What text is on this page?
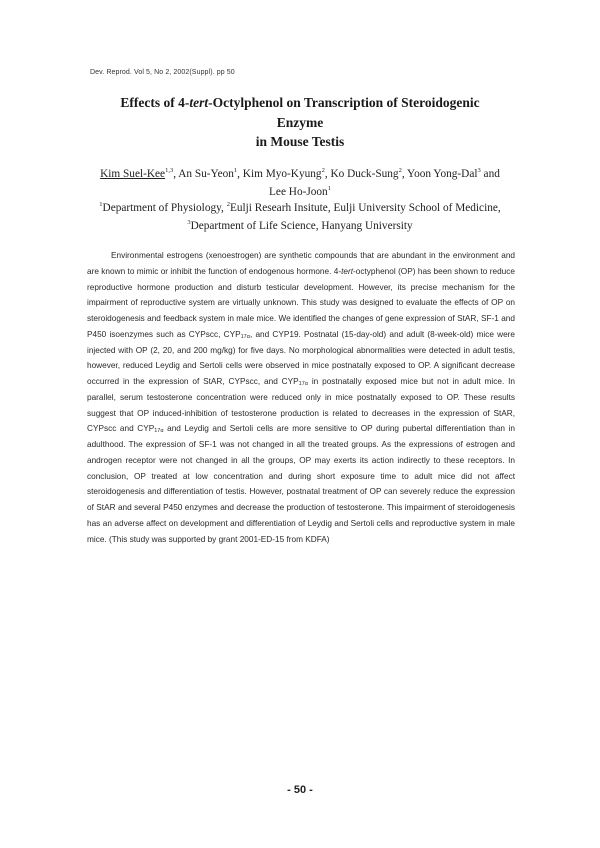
Dev. Reprod. Vol 5, No 2, 2002(Suppl). pp 50
Effects of 4-tert-Octylphenol on Transcription of Steroidogenic
Enzyme
in Mouse Testis
Kim Suel-Kee$^{1,3}$, An Su-Yeon$^1$, Kim Myo-Kyung$^2$, Ko Duck-Sung$^2$, Yoon Yong-Dal$^3$ and
Lee Ho-Joon$^1$
$^1$Department of Physiology, $^2$Eulji Researh Insitute, Eulji University School of Medicine,
$^3$Department of Life Science, Hanyang University

Environmental estrogens (xenoestrogen) are synthetic compounds that are abundant in the environment and are known to mimic or inhibit the function of endogenous hormone. 4-tert-octyphenol (OP) has been shown to reduce reproductive hormone production and disturb testicular development. However, its precise mechanism for the impairment of reproductive system are virtually unknown. This study was designed to evaluate the effects of OP on steroidogenesis and feedback system in male mice. We identified the changes of gene expression of StAR, SF-1 and P450 isoenzymes such as CYPscc, $CYP_{17\alpha}$, and CYP19. Postnatal (15-day-old) and adult (8-week-old) mice were injected with OP (2, 20, and 200 mg/kg) for five days. No morphological abnormalities were detected in adult testis, however, reduced Leydig and Sertoli cells were observed in mice postnatally exposed to OP. A significant decrease occurred in the expression of StAR, CYPscc, and $CYP_{17\alpha}$ in postnatally exposed mice but not in adult mice. In parallel, serum testosterone concentration were reduced only in mice postnatally exposed to OP. These results suggest that OP induced-inhibition of testosterone production is related to decreases in the expression of StAR, CYPscc and $CYP_{17\alpha}$ and Leydig and Sertoli cells are more sensitive to OP during pubertal differentiation than in adulthood. The expression of SF-1 was not changed in all the treated groups. As the expressions of estrogen and androgen receptor were not changed in all the groups, OP may exerts its action indirectly to these receptors. In conclusion, OP treated at low concentration and during short exposure time to adult mice did not affect steroidogenesis and differentiation of testis. However, postnatal treatment of OP can severely reduce the expression of StAR and several P450 enzymes and decrease the production of testosterone. This impairment of steroidogenesis has an adverse affect on development and differentiation of Leydig and Sertoli cells and reproductive system in male mice. (This study was supported by grant 2001-ED-15 from KDFA)

- 50 -
